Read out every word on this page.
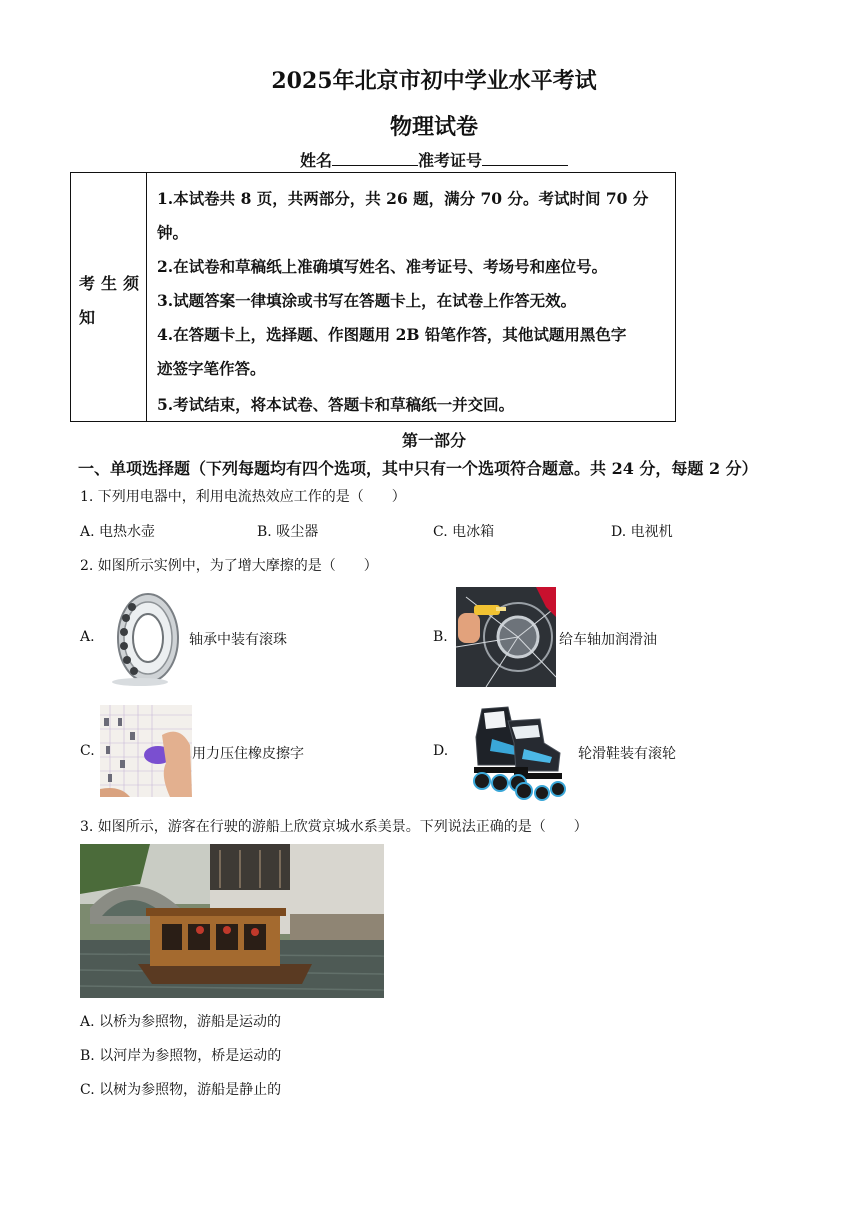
2025年北京市初中学业水平考试
物理试卷
姓名	准考证号
考生须
知
1.本试卷共 8 页，共两部分，共 26 题，满分 70 分。考试时间 70 分
钟。
2.在试卷和草稿纸上准确填写姓名、准考证号、考场号和座位号。
3.试题答案一律填涂或书写在答题卡上，在试卷上作答无效。
4.在答题卡上，选择题、作图题用 2B 铅笔作答，其他试题用黑色字
迹签字笔作答。
5.考试结束，将本试卷、答题卡和草稿纸一并交回。
第一部分
一、单项选择题（下列每题均有四个选项，其中只有一个选项符合题意。共 24 分，每题 2 分）
1. 下列用电器中，利用电流热效应工作的是（　　）
A. 电热水壶	B. 吸尘器	C. 电冰箱	D. 电视机
2. 如图所示实例中，为了增大摩擦的是（　　）
A.	轴承中装有滚珠	B.	给车轴加润滑油
C.	用力压住橡皮擦字	D.	轮滑鞋装有滚轮
3. 如图所示，游客在行驶的游船上欣赏京城水系美景。下列说法正确的是（　　）
A. 以桥为参照物，游船是运动的
B. 以河岸为参照物，桥是运动的
C. 以树为参照物，游船是静止的
